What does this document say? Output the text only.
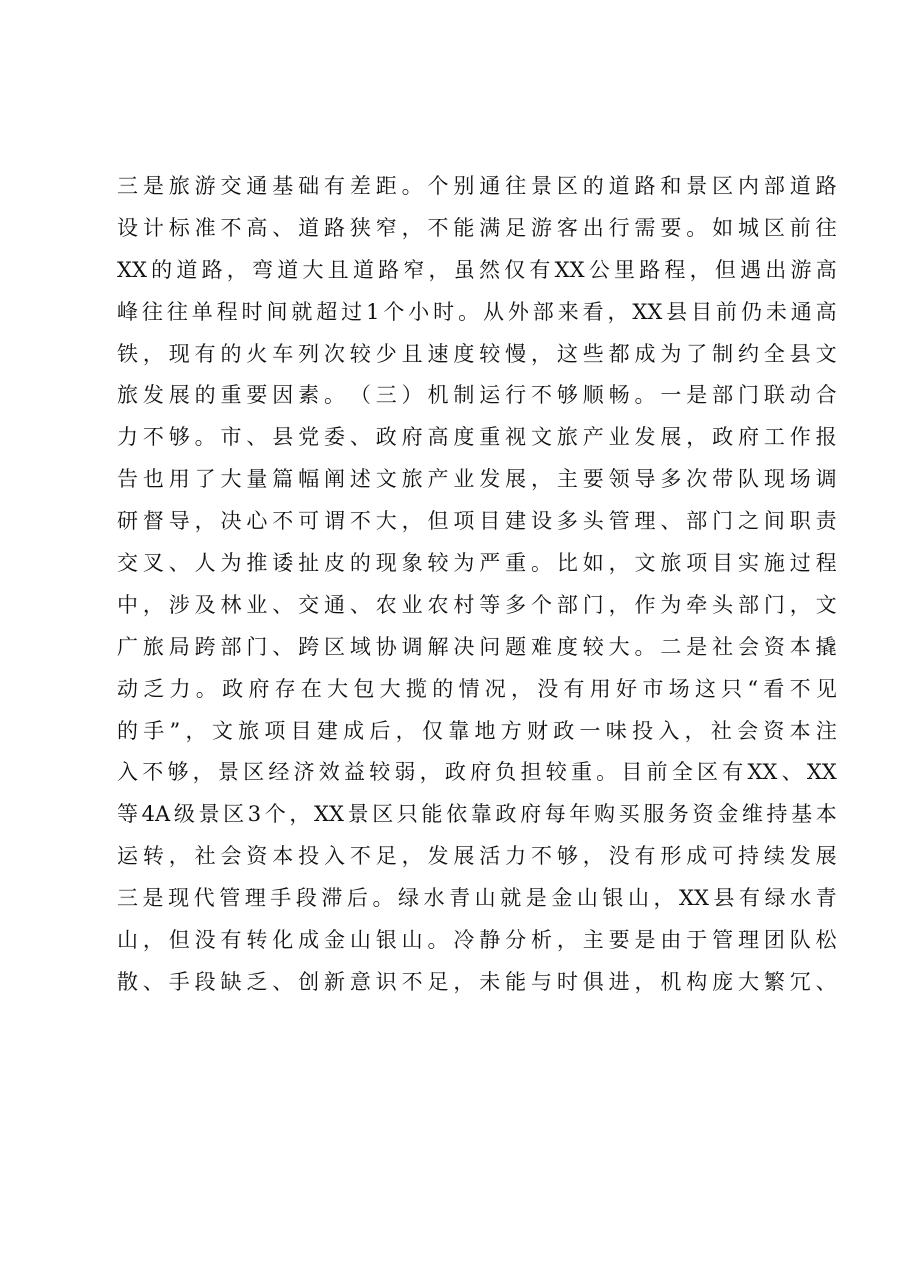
三 是 旅 游 交 通 基 础 有 差 距 。 个 别 通 往 景 区 的 道 路 和 景 区 内 部 道 路
设 计 标 准 不 高 、 道 路 狭 窄 ， 不 能 满 足 游 客 出 行 需 要 。 如 城 区 前 往
XX 的 道 路 ， 弯 道 大 且 道 路 窄 ， 虽 然 仅 有 XX 公 里 路 程 ， 但 遇 出 游 高
峰 往 往 单 程 时 间 就 超 过 1 个 小 时 。 从 外 部 来 看 ， XX 县 目 前 仍 未 通 高
铁 ， 现 有 的 火 车 列 次 较 少 且 速 度 较 慢 ， 这 些 都 成 为 了 制 约 全 县 文
旅 发 展 的 重 要 因 素 。 （ 三 ） 机 制 运 行 不 够 顺 畅 。 一 是 部 门 联 动 合
力 不 够 。 市 、 县 党 委 、 政 府 高 度 重 视 文 旅 产 业 发 展 ， 政 府 工 作 报
告 也 用 了 大 量 篇 幅 阐 述 文 旅 产 业 发 展 ， 主 要 领 导 多 次 带 队 现 场 调
研 督 导 ， 决 心 不 可 谓 不 大 ， 但 项 目 建 设 多 头 管 理 、 部 门 之 间 职 责
交 叉 、 人 为 推 诿 扯 皮 的 现 象 较 为 严 重 。 比 如 ， 文 旅 项 目 实 施 过 程
中 ， 涉 及 林 业 、 交 通 、 农 业 农 村 等 多 个 部 门 ， 作 为 牵 头 部 门 ， 文
广 旅 局 跨 部 门 、 跨 区 域 协 调 解 决 问 题 难 度 较 大 。 二 是 社 会 资 本 撬
动 乏 力 。 政 府 存 在 大 包 大 揽 的 情 况 ， 没 有 用 好 市 场 这 只 “ 看 不 见
的 手 ” ， 文 旅 项 目 建 成 后 ， 仅 靠 地 方 财 政 一 味 投 入 ， 社 会 资 本 注
入 不 够 ， 景 区 经 济 效 益 较 弱 ， 政 府 负 担 较 重 。 目 前 全 区 有 XX 、 XX
等 4A 级 景 区 3 个 ， XX 景 区 只 能 依 靠 政 府 每 年 购 买 服 务 资 金 维 持 基 本
运 转 ， 社 会 资 本 投 入 不 足 ， 发 展 活 力 不 够 ， 没 有 形 成 可 持 续 发 展
三 是 现 代 管 理 手 段 滞 后 。 绿 水 青 山 就 是 金 山 银 山 ， XX 县 有 绿 水 青
山 ， 但 没 有 转 化 成 金 山 银 山 。 冷 静 分 析 ， 主 要 是 由 于 管 理 团 队 松
散 、 手 段 缺 乏 、 创 新 意 识 不 足 ， 未 能 与 时 俱 进 ， 机 构 庞 大 繁 冗 、
